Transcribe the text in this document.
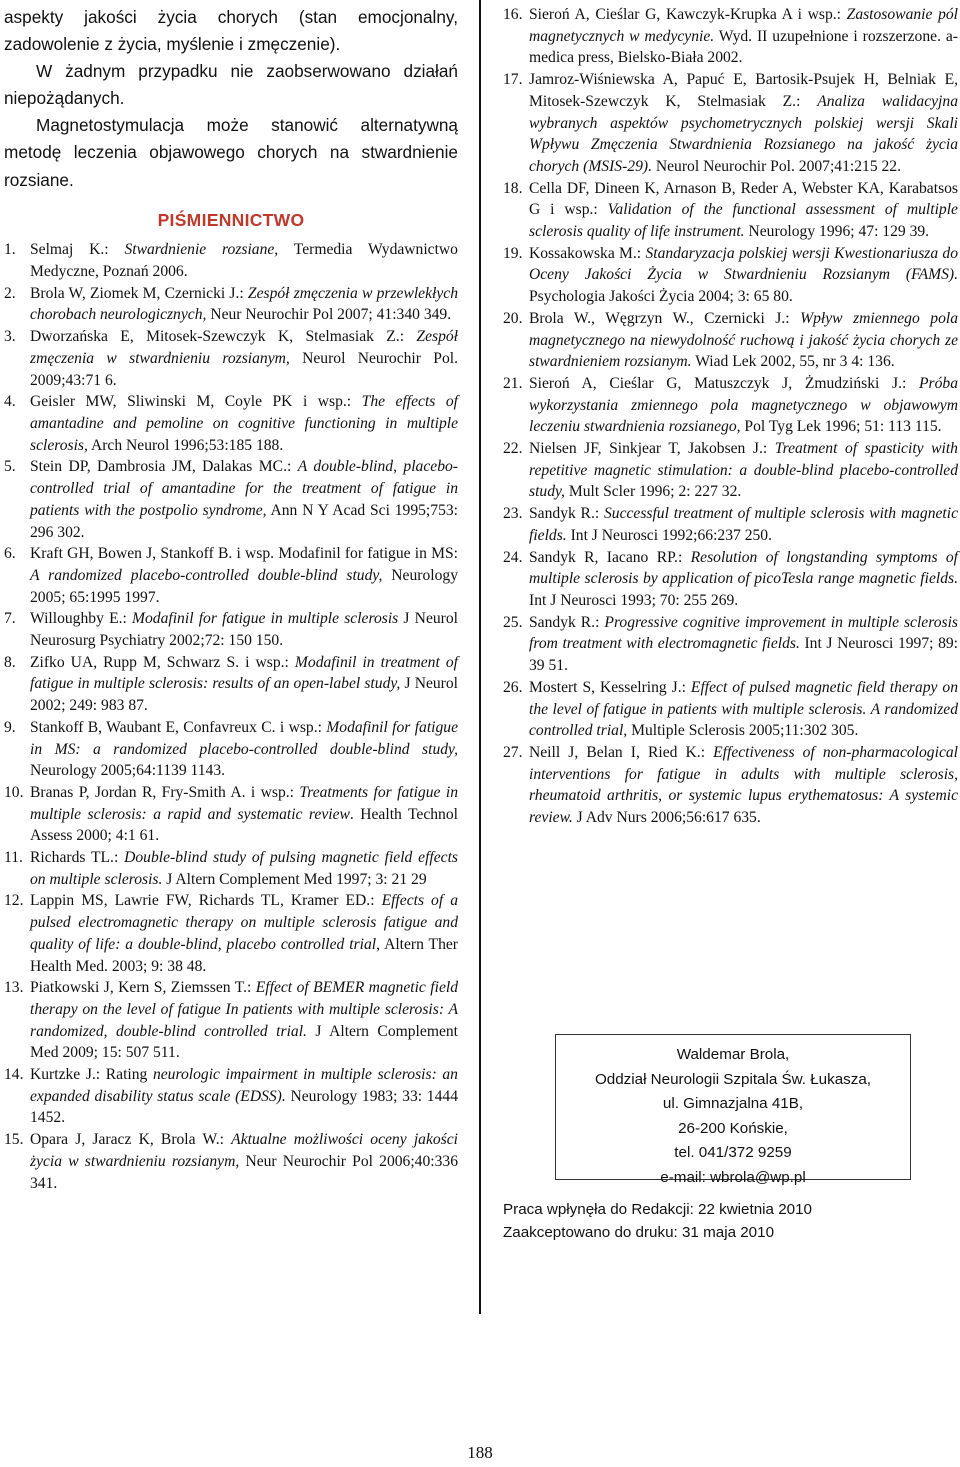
aspekty jakości życia chorych (stan emocjonalny, zadowolenie z życia, myślenie i zmęczenie).

W żadnym przypadku nie zaobserwowano działań niepożądanych.

Magnetostymulacja może stanowić alternatywną metodę leczenia objawowego chorych na stwardnienie rozsiane.

PIŚMIENNICTWO
1. Selmaj K.: Stwardnienie rozsiane, Termedia Wydawnictwo Medyczne, Poznań 2006.
2. Brola W, Ziomek M, Czernicki J.: Zespół zmęczenia w przewlekłych chorobach neurologicznych, Neur Neurochir Pol 2007; 41:340 349.
3. Dworzańska E, Mitosek-Szewczyk K, Stelmasiak Z.: Zespół zmęczenia w stwardnieniu rozsianym, Neurol Neurochir Pol. 2009;43:71 6.
4. Geisler MW, Sliwinski M, Coyle PK i wsp.: The effects of amantadine and pemoline on cognitive functioning in multiple sclerosis, Arch Neurol 1996;53:185 188.
5. Stein DP, Dambrosia JM, Dalakas MC.: A double-blind, placebo-controlled trial of amantadine for the treatment of fatigue in patients with the postpolio syndrome, Ann N Y Acad Sci 1995;753: 296 302.
6. Kraft GH, Bowen J, Stankoff B. i wsp. Modafinil for fatigue in MS: A randomized placebo-controlled double-blind study, Neurology 2005; 65:1995 1997.
7. Willoughby E.: Modafinil for fatigue in multiple sclerosis J Neurol Neurosurg Psychiatry 2002;72: 150 150.
8. Zifko UA, Rupp M, Schwarz S. i wsp.: Modafinil in treatment of fatigue in multiple sclerosis: results of an open-label study, J Neurol 2002; 249: 983 87.
9. Stankoff B, Waubant E, Confavreux C. i wsp.: Modafinil for fatigue in MS: a randomized placebo-controlled double-blind study, Neurology 2005;64:1139 1143.
10. Branas P, Jordan R, Fry-Smith A. i wsp.: Treatments for fatigue in multiple sclerosis: a rapid and systematic review. Health Technol Assess 2000; 4:1 61.
11. Richards TL.: Double-blind study of pulsing magnetic field effects on multiple sclerosis. J Altern Complement Med 1997; 3: 21 29
12. Lappin MS, Lawrie FW, Richards TL, Kramer ED.: Effects of a pulsed electromagnetic therapy on multiple sclerosis fatigue and quality of life: a double-blind, placebo controlled trial, Altern Ther Health Med. 2003; 9: 38 48.
13. Piatkowski J, Kern S, Ziemssen T.: Effect of BEMER magnetic field therapy on the level of fatigue In patients with multiple sclerosis: A randomized, double-blind controlled trial. J Altern Complement Med 2009; 15: 507 511.
14. Kurtzke J.: Rating neurologic impairment in multiple sclerosis: an expanded disability status scale (EDSS). Neurology 1983; 33: 1444 1452.
15. Opara J, Jaracz K, Brola W.: Aktualne możliwości oceny jakości życia w stwardnieniu rozsianym, Neur Neurochir Pol 2006;40:336 341.
16. Sieroń A, Cieślar G, Kawczyk-Krupka A i wsp.: Zastosowanie pól magnetycznych w medycynie. Wyd. II uzupełnione i rozszerzone. a-medica press, Bielsko-Biała 2002.
17. Jamroz-Wiśniewska A, Papuć E, Bartosik-Psujek H, Belniak E, Mitosek-Szewczyk K, Stelmasiak Z.: Analiza walidacyjna wybranych aspektów psychometrycznych polskiej wersji Skali Wpływu Zmęczenia Stwardnienia Rozsianego na jakość życia chorych (MSIS-29). Neurol Neurochir Pol. 2007;41:215 22.
18. Cella DF, Dineen K, Arnason B, Reder A, Webster KA, Karabatsos G i wsp.: Validation of the functional assessment of multiple sclerosis quality of life instrument. Neurology 1996; 47: 129 39.
19. Kossakowska M.: Standaryzacja polskiej wersji Kwestionariusza do Oceny Jakości Życia w Stwardnieniu Rozsianym (FAMS). Psychologia Jakości Życia 2004; 3: 65 80.
20. Brola W., Węgrzyn W., Czernicki J.: Wpływ zmiennego pola magnetycznego na niewydolność ruchową i jakość życia chorych ze stwardnieniem rozsianym. Wiad Lek 2002, 55, nr 3 4: 136.
21. Sieroń A, Cieślar G, Matuszczyk J, Żmudziński J.: Próba wykorzystania zmiennego pola magnetycznego w objawowym leczeniu stwardnienia rozsianego, Pol Tyg Lek 1996; 51: 113 115.
22. Nielsen JF, Sinkjear T, Jakobsen J.: Treatment of spasticity with repetitive magnetic stimulation: a double-blind placebo-controlled study, Mult Scler 1996; 2: 227 32.
23. Sandyk R.: Successful treatment of multiple sclerosis with magnetic fields. Int J Neurosci 1992;66:237 250.
24. Sandyk R, Iacano RP.: Resolution of longstanding symptoms of multiple sclerosis by application of picoTesla range magnetic fields. Int J Neurosci 1993; 70: 255 269.
25. Sandyk R.: Progressive cognitive improvement in multiple sclerosis from treatment with electromagnetic fields. Int J Neurosci 1997; 89: 39 51.
26. Mostert S, Kesselring J.: Effect of pulsed magnetic field therapy on the level of fatigue in patients with multiple sclerosis. A randomized controlled trial, Multiple Sclerosis 2005;11:302 305.
27. Neill J, Belan I, Ried K.: Effectiveness of non-pharmacological interventions for fatigue in adults with multiple sclerosis, rheumatoid arthritis, or systemic lupus erythematosus: A systemic review. J Adv Nurs 2006;56:617 635.
Waldemar Brola,
Oddział Neurologii Szpitala Św. Łukasza,
ul. Gimnazjalna 41B,
26-200 Końskie,
tel. 041/372 9259
e-mail: wbrola@wp.pl
Praca wpłynęła do Redakcji: 22 kwietnia 2010
Zaakceptowano do druku: 31 maja 2010
188
